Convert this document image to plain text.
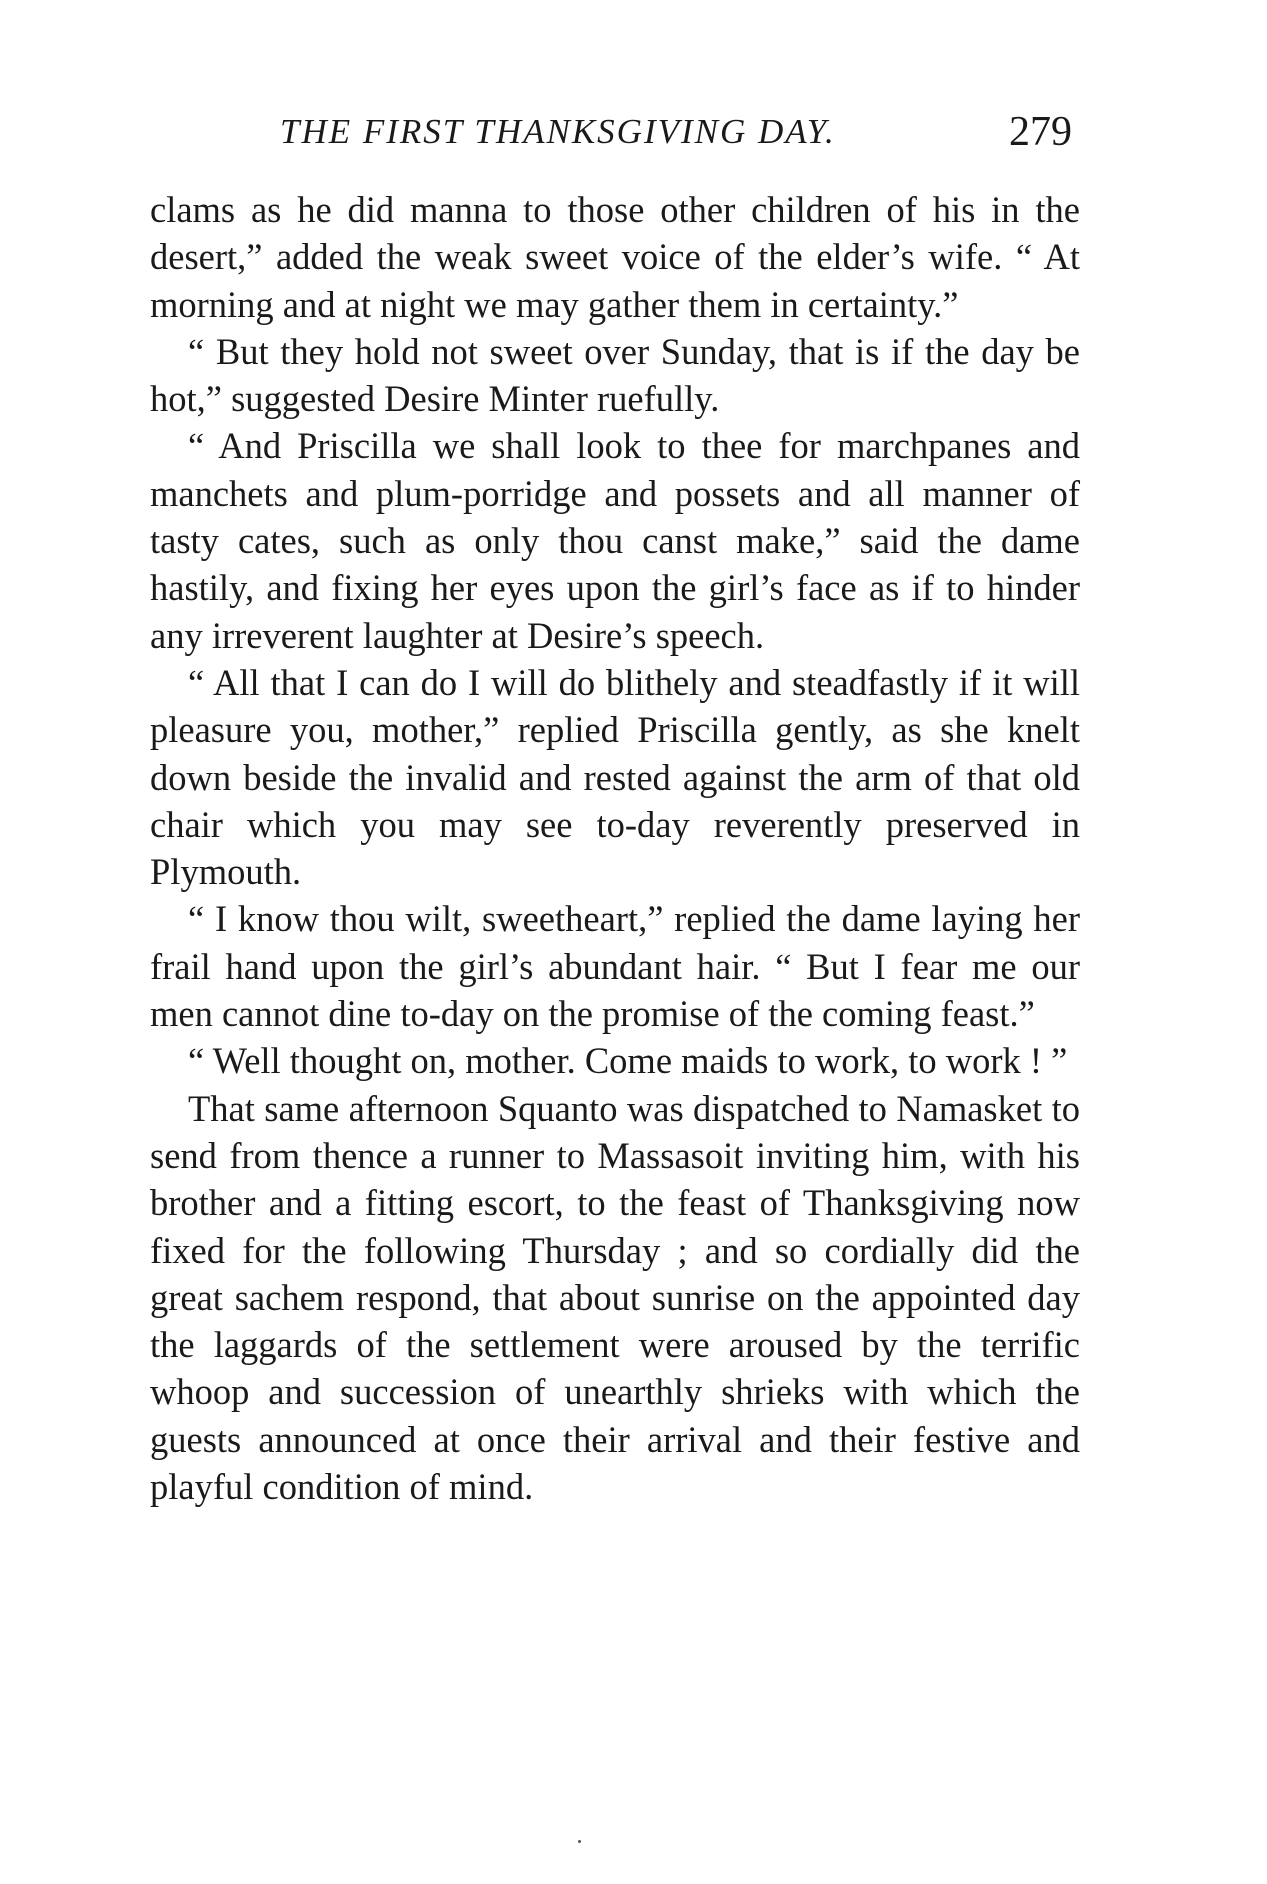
THE FIRST THANKSGIVING DAY.	279

clams as he did manna to those other children of his in the desert,” added the weak sweet voice of the elder’s wife. “ At morning and at night we may gather them in certainty.”

“ But they hold not sweet over Sunday, that is if the day be hot,” suggested Desire Minter ruefully.

“ And Priscilla we shall look to thee for marchpanes and manchets and plum-porridge and possets and all manner of tasty cates, such as only thou canst make,” said the dame hastily, and fixing her eyes upon the girl’s face as if to hinder any irreverent laughter at Desire’s speech.

“ All that I can do I will do blithely and steadfastly if it will pleasure you, mother,” replied Priscilla gently, as she knelt down beside the invalid and rested against the arm of that old chair which you may see to-day reverently preserved in Plymouth.

“ I know thou wilt, sweetheart,” replied the dame laying her frail hand upon the girl’s abundant hair. “ But I fear me our men cannot dine to-day on the promise of the coming feast.”

“ Well thought on, mother. Come maids to work, to work ! ”

That same afternoon Squanto was dispatched to Namasket to send from thence a runner to Massasoit inviting him, with his brother and a fitting escort, to the feast of Thanksgiving now fixed for the following Thursday ; and so cordially did the great sachem respond, that about sunrise on the appointed day the laggards of the settlement were aroused by the terrific whoop and succession of unearthly shrieks with which the guests announced at once their arrival and their festive and playful condition of mind.
